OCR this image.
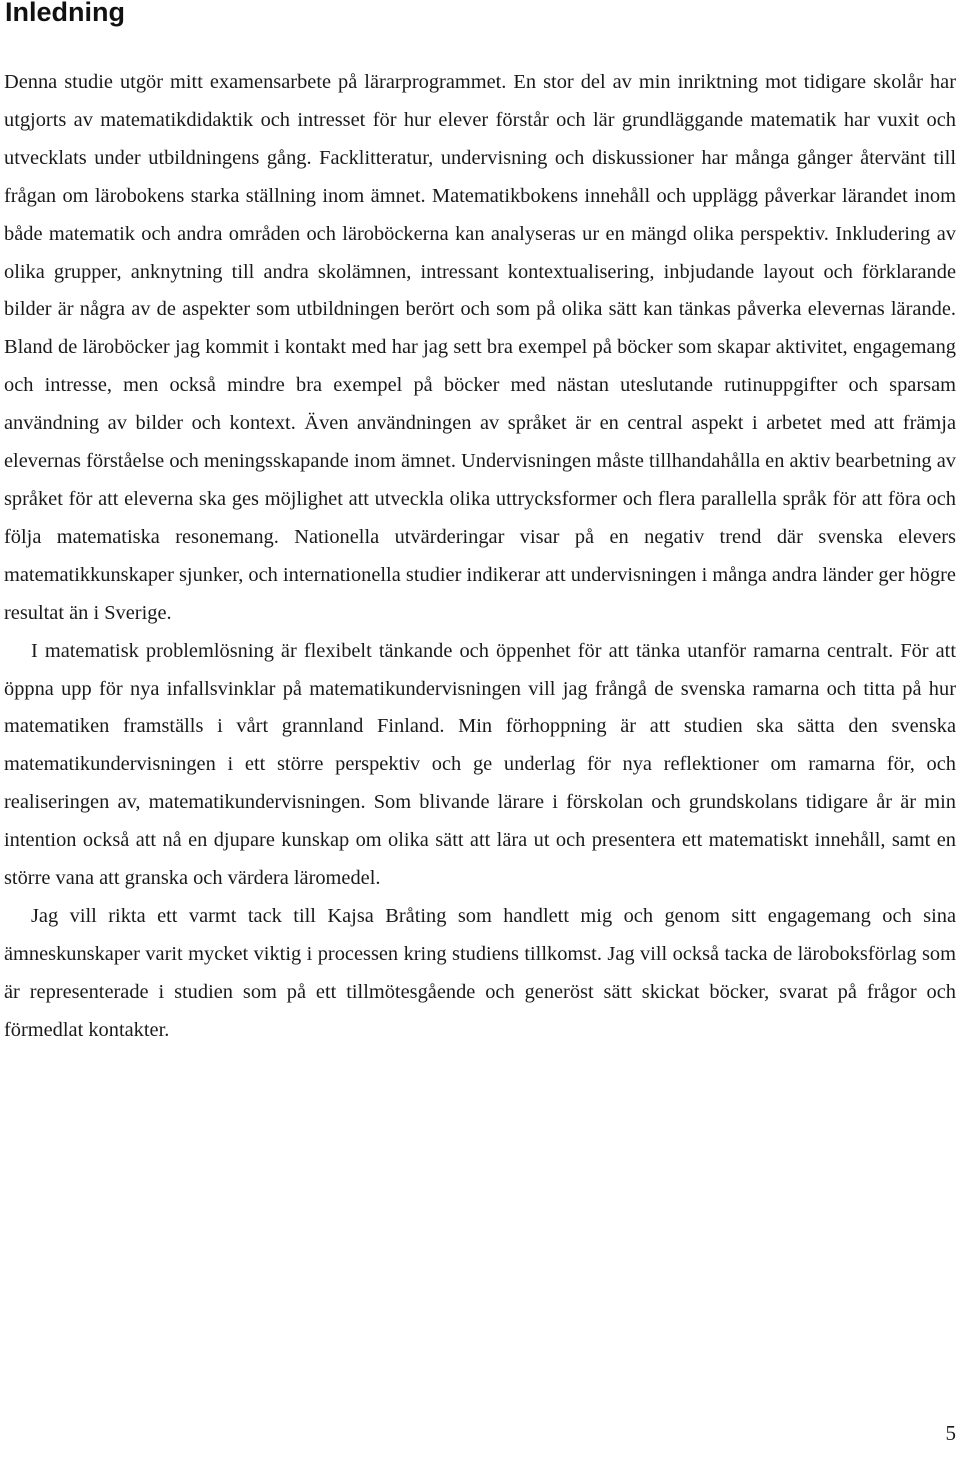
Inledning

Denna studie utgör mitt examensarbete på lärarprogrammet. En stor del av min inriktning mot tidigare skolår har utgjorts av matematikdidaktik och intresset för hur elever förstår och lär grundläggande matematik har vuxit och utvecklats under utbildningens gång. Facklitteratur, undervisning och diskussioner har många gånger återvänt till frågan om lärobokens starka ställning inom ämnet. Matematikbokens innehåll och upplägg påverkar lärandet inom både matematik och andra områden och läroböckerna kan analyseras ur en mängd olika perspektiv. Inkludering av olika grupper, anknytning till andra skolämnen, intressant kontextualisering, inbjudande layout och förklarande bilder är några av de aspekter som utbildningen berört och som på olika sätt kan tänkas påverka elevernas lärande. Bland de läroböcker jag kommit i kontakt med har jag sett bra exempel på böcker som skapar aktivitet, engagemang och intresse, men också mindre bra exempel på böcker med nästan uteslutande rutinuppgifter och sparsam användning av bilder och kontext. Även användningen av språket är en central aspekt i arbetet med att främja elevernas förståelse och meningsskapande inom ämnet. Undervisningen måste tillhandahålla en aktiv bearbetning av språket för att eleverna ska ges möjlighet att utveckla olika uttrycksformer och flera parallella språk för att föra och följa matematiska resonemang. Nationella utvärderingar visar på en negativ trend där svenska elevers matematikkunskaper sjunker, och internationella studier indikerar att undervisningen i många andra länder ger högre resultat än i Sverige.

I matematisk problemlösning är flexibelt tänkande och öppenhet för att tänka utanför ramarna centralt. För att öppna upp för nya infallsvinklar på matematikundervisningen vill jag frångå de svenska ramarna och titta på hur matematiken framställs i vårt grannland Finland. Min förhoppning är att studien ska sätta den svenska matematikundervisningen i ett större perspektiv och ge underlag för nya reflektioner om ramarna för, och realiseringen av, matematikundervisningen. Som blivande lärare i förskolan och grundskolans tidigare år är min intention också att nå en djupare kunskap om olika sätt att lära ut och presentera ett matematiskt innehåll, samt en större vana att granska och värdera läromedel.

Jag vill rikta ett varmt tack till Kajsa Bråting som handlett mig och genom sitt engagemang och sina ämneskunskaper varit mycket viktig i processen kring studiens tillkomst. Jag vill också tacka de läroboksförlag som är representerade i studien som på ett tillmötesgående och generöst sätt skickat böcker, svarat på frågor och förmedlat kontakter.

5
